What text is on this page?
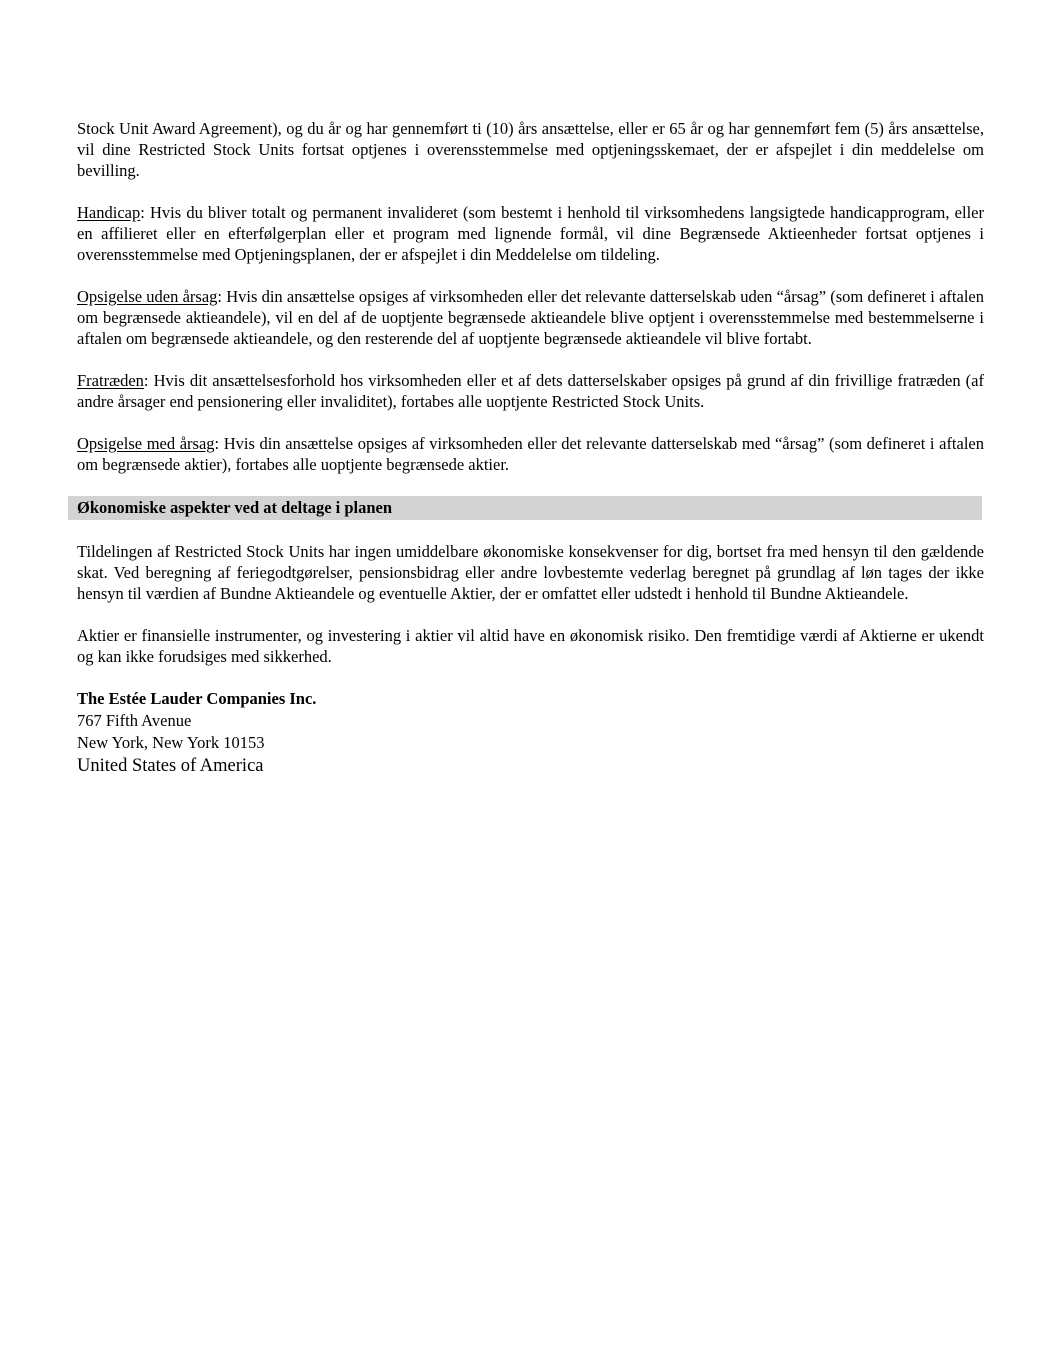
Stock Unit Award Agreement), og du år og har gennemført ti (10) års ansættelse, eller er 65 år og har gennemført fem (5) års ansættelse, vil dine Restricted Stock Units fortsat optjenes i overensstemmelse med optjeningsskemaet, der er afspejlet i din meddelelse om bevilling.

Handicap: Hvis du bliver totalt og permanent invalideret (som bestemt i henhold til virksomhedens langsigtede handicapprogram, eller en affilieret eller en efterfølgerplan eller et program med lignende formål, vil dine Begrænsede Aktieenheder fortsat optjenes i overensstemmelse med Optjeningsplanen, der er afspejlet i din Meddelelse om tildeling.

Opsigelse uden årsag: Hvis din ansættelse opsiges af virksomheden eller det relevante datterselskab uden “årsag” (som defineret i aftalen om begrænsede aktieandele), vil en del af de uoptjente begrænsede aktieandele blive optjent i overensstemmelse med bestemmelserne i aftalen om begrænsede aktieandele, og den resterende del af uoptjente begrænsede aktieandele vil blive fortabt.

Fratræden: Hvis dit ansættelsesforhold hos virksomheden eller et af dets datterselskaber opsiges på grund af din frivillige fratræden (af andre årsager end pensionering eller invaliditet), fortabes alle uoptjente Restricted Stock Units.

Opsigelse med årsag: Hvis din ansættelse opsiges af virksomheden eller det relevante datterselskab med “årsag” (som defineret i aftalen om begrænsede aktier), fortabes alle uoptjente begrænsede aktier.

Økonomiske aspekter ved at deltage i planen

Tildelingen af Restricted Stock Units har ingen umiddelbare økonomiske konsekvenser for dig, bortset fra med hensyn til den gældende skat. Ved beregning af feriegodtgørelser, pensionsbidrag eller andre lovbestemte vederlag beregnet på grundlag af løn tages der ikke hensyn til værdien af Bundne Aktieandele og eventuelle Aktier, der er omfattet eller udstedt i henhold til Bundne Aktieandele.

Aktier er finansielle instrumenter, og investering i aktier vil altid have en økonomisk risiko. Den fremtidige værdi af Aktierne er ukendt og kan ikke forudsiges med sikkerhed.

The Estée Lauder Companies Inc.

767 Fifth Avenue

New York, New York 10153

United States of America
